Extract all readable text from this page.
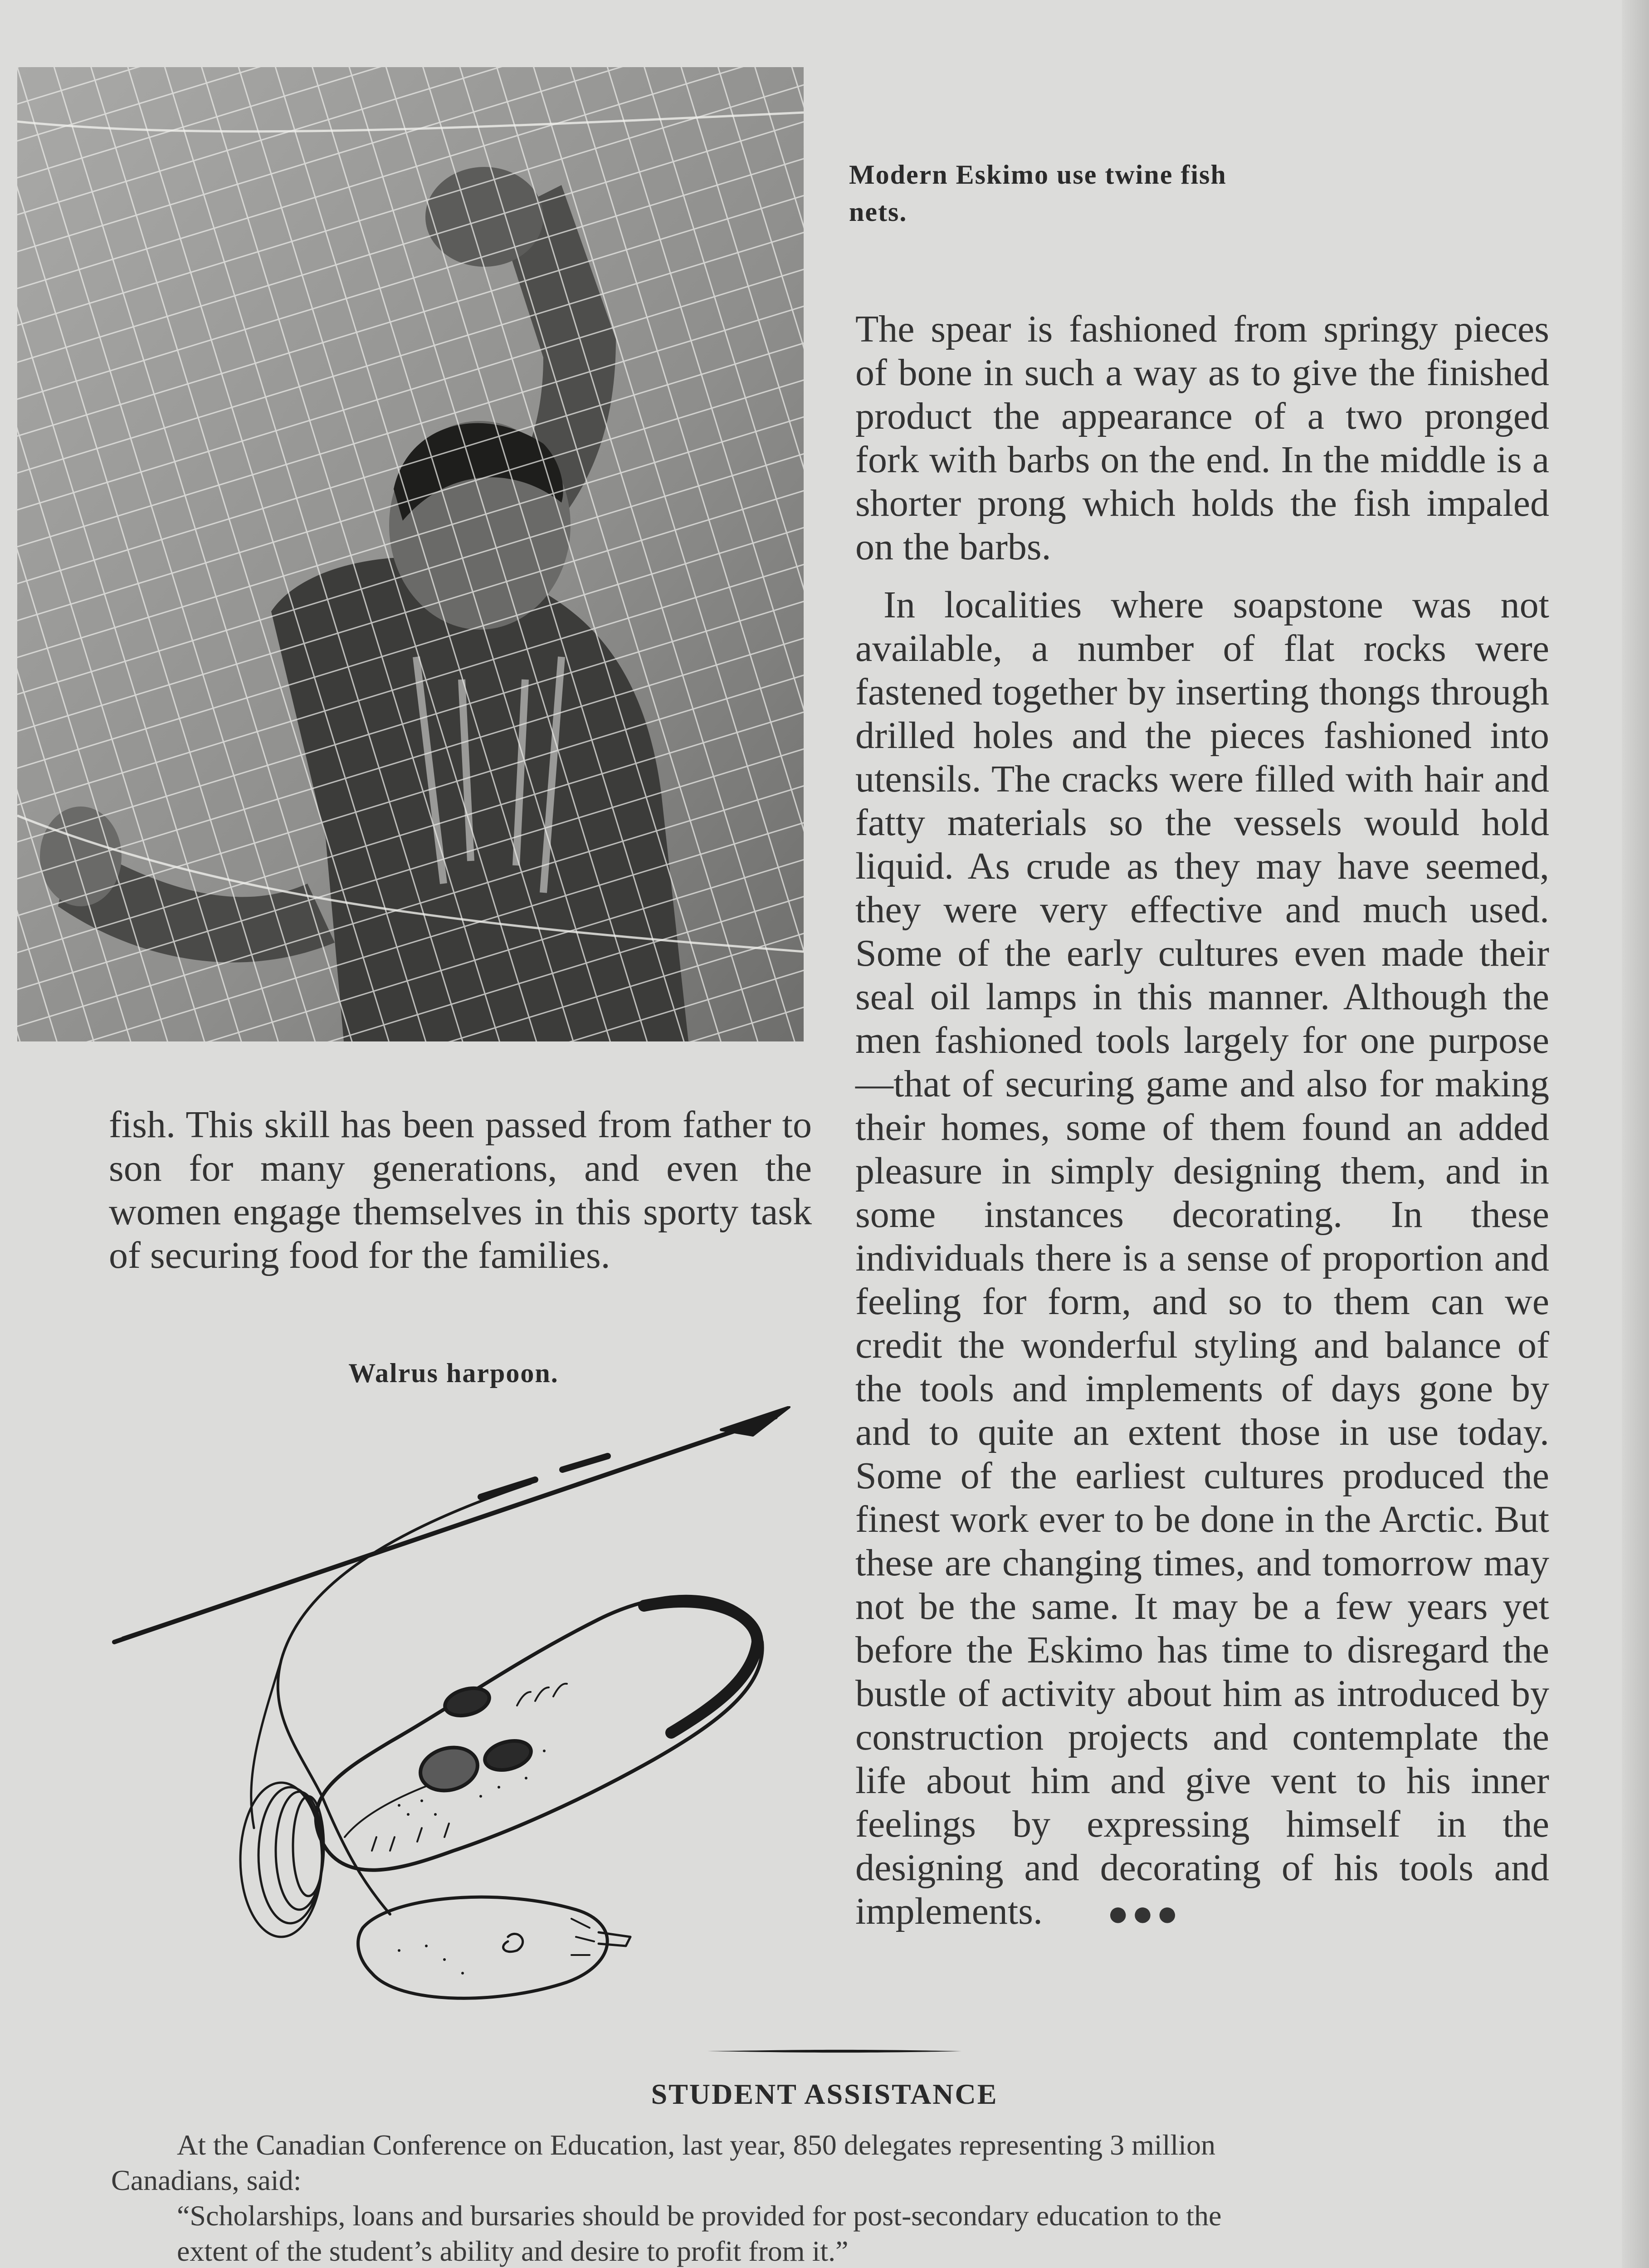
Modern Eskimo use twine fish nets.

The spear is fashioned from springy pieces of bone in such a way as to give the finished product the appearance of a two pronged fork with barbs on the end. In the middle is a shorter prong which holds the fish impaled on the barbs.

In localities where soapstone was not available, a number of flat rocks were fastened together by inserting thongs through drilled holes and the pieces fashioned into utensils. The cracks were filled with hair and fatty materials so the vessels would hold liquid. As crude as they may have seemed, they were very effective and much used. Some of the early cultures even made their seal oil lamps in this manner. Although the men fashioned tools largely for one purpose—that of securing game and also for making their homes, some of them found an added pleasure in simply designing them, and in some instances decorating. In these individuals there is a sense of proportion and feeling for form, and so to them can we credit the wonderful styling and balance of the tools and implements of days gone by and to quite an extent those in use today. Some of the earliest cultures produced the finest work ever to be done in the Arctic. But these are changing times, and tomorrow may not be the same. It may be a few years yet before the Eskimo has time to disregard the bustle of activity about him as introduced by construction projects and contemplate the life about him and give vent to his inner feelings by expressing himself in the designing and decorating of his tools and implements. ●●●

fish. This skill has been passed from father to son for many generations, and even the women engage themselves in this sporty task of securing food for the families.

Walrus harpoon.
STUDENT ASSISTANCE
At the Canadian Conference on Education, last year, 850 delegates representing 3 million
Canadians, said:
“Scholarships, loans and bursaries should be provided for post-secondary education to the
extent of the student’s ability and desire to profit from it.”
